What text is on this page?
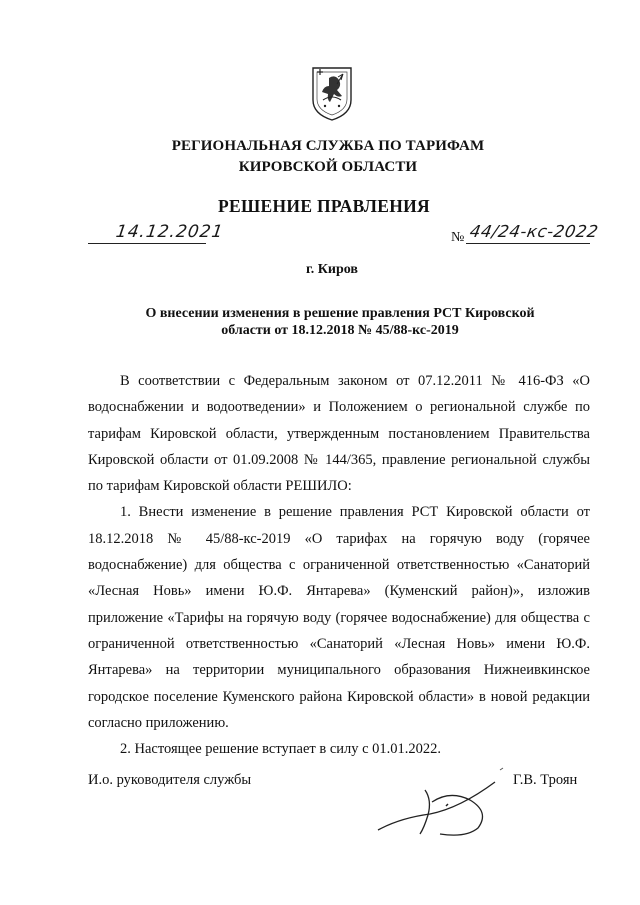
РЕГИОНАЛЬНАЯ СЛУЖБА ПО ТАРИФАМ
КИРОВСКОЙ ОБЛАСТИ
РЕШЕНИЕ ПРАВЛЕНИЯ
14.12.2021	№ 44/24-кс-2022
г. Киров
О внесении изменения в решение правления РСТ Кировской области от 18.12.2018 № 45/88-кс-2019

В соответствии с Федеральным законом от 07.12.2011 № 416-ФЗ «О водоснабжении и водоотведении» и Положением о региональной службе по тарифам Кировской области, утвержденным постановлением Правительства Кировской области от 01.09.2008 № 144/365, правление региональной службы по тарифам Кировской области РЕШИЛО:

1. Внести изменение в решение правления РСТ Кировской области от 18.12.2018 № 45/88-кс-2019 «О тарифах на горячую воду (горячее водоснабжение) для общества с ограниченной ответственностью «Санаторий «Лесная Новь» имени Ю.Ф. Янтарева» (Куменский район)», изложив приложение «Тарифы на горячую воду (горячее водоснабжение) для общества с ограниченной ответственностью «Санаторий «Лесная Новь» имени Ю.Ф. Янтарева» на территории муниципального образования Нижнеивкинское городское поселение Куменского района Кировской области» в новой редакции согласно приложению.

2. Настоящее решение вступает в силу с 01.01.2022.

И.о. руководителя службы	Г.В. Троян
